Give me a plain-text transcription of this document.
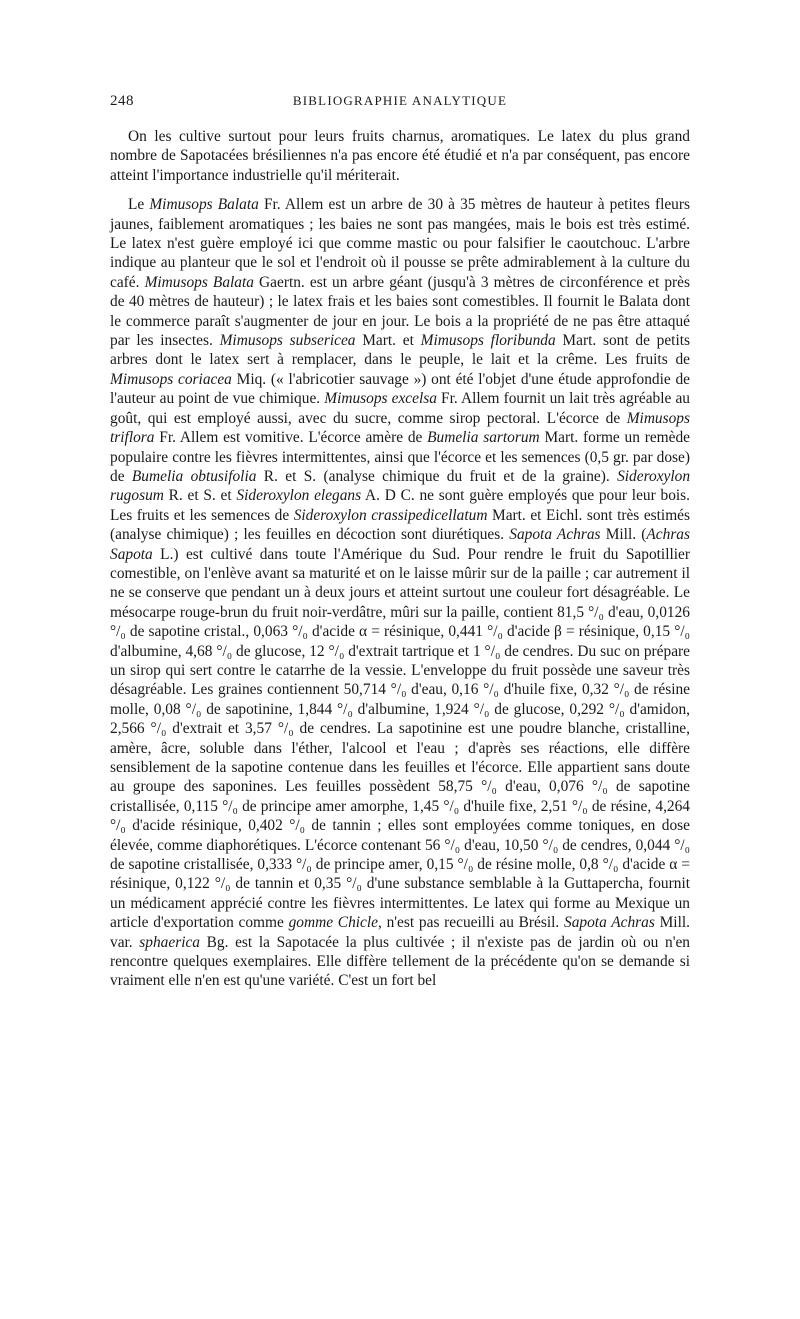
248	BIBLIOGRAPHIE ANALYTIQUE

On les cultive surtout pour leurs fruits charnus, aromatiques. Le latex du plus grand nombre de Sapotacées brésiliennes n'a pas encore été étudié et n'a par conséquent, pas encore atteint l'importance industrielle qu'il mériterait.

Le Mimusops Balata Fr. Allem est un arbre de 30 à 35 mètres de hauteur à petites fleurs jaunes, faiblement aromatiques ; les baies ne sont pas mangées, mais le bois est très estimé. Le latex n'est guère employé ici que comme mastic ou pour falsifier le caoutchouc. L'arbre indique au planteur que le sol et l'endroit où il pousse se prête admirablement à la culture du café. Mimusops Balata Gaertn. est un arbre géant (jusqu'à 3 mètres de circonférence et près de 40 mètres de hauteur) ; le latex frais et les baies sont comestibles. Il fournit le Balata dont le commerce paraît s'augmenter de jour en jour. Le bois a la propriété de ne pas être attaqué par les insectes. Mimusops subsericea Mart. et Mimusops floribunda Mart. sont de petits arbres dont le latex sert à remplacer, dans le peuple, le lait et la crême. Les fruits de Mimusops coriacea Miq. (« l'abricotier sauvage ») ont été l'objet d'une étude approfondie de l'auteur au point de vue chimique. Mimusops excelsa Fr. Allem fournit un lait très agréable au goût, qui est employé aussi, avec du sucre, comme sirop pectoral. L'écorce de Mimusops triflora Fr. Allem est vomitive. L'écorce amère de Bumelia sartorum Mart. forme un remède populaire contre les fièvres intermittentes, ainsi que l'écorce et les semences (0,5 gr. par dose) de Bumelia obtusifolia R. et S. (analyse chimique du fruit et de la graine). Sideroxylon rugosum R. et S. et Sideroxylon elegans A. D C. ne sont guère employés que pour leur bois. Les fruits et les semences de Sideroxylon crassipedicellatum Mart. et Eichl. sont très estimés (analyse chimique) ; les feuilles en décoction sont diurétiques. Sapota Achras Mill. (Achras Sapota L.) est cultivé dans toute l'Amérique du Sud. Pour rendre le fruit du Sapotillier comestible, on l'enlève avant sa maturité et on le laisse mûrir sur de la paille ; car autrement il ne se conserve que pendant un à deux jours et atteint surtout une couleur fort désagréable. Le mésocarpe rouge-brun du fruit noir-verdâtre, mûri sur la paille, contient 81,5 °/₀ d'eau, 0,0126 °/₀ de sapotine cristal., 0,063 °/₀ d'acide α = résinique, 0,441 °/₀ d'acide β = résinique, 0,15 °/₀ d'albumine, 4,68 °/₀ de glucose, 12 °/₀ d'extrait tartrique et 1 °/₀ de cendres. Du suc on prépare un sirop qui sert contre le catarrhe de la vessie. L'enveloppe du fruit possède une saveur très désagréable. Les graines contiennent 50,714 °/₀ d'eau, 0,16 °/₀ d'huile fixe, 0,32 °/₀ de résine molle, 0,08 °/₀ de sapotinine, 1,844 °/₀ d'albumine, 1,924 °/₀ de glucose, 0,292 °/₀ d'amidon, 2,566 °/₀ d'extrait et 3,57 °/₀ de cendres. La sapotinine est une poudre blanche, cristalline, amère, âcre, soluble dans l'éther, l'alcool et l'eau ; d'après ses réactions, elle diffère sensiblement de la sapotine contenue dans les feuilles et l'écorce. Elle appartient sans doute au groupe des saponines. Les feuilles possèdent 58,75 °/₀ d'eau, 0,076 °/₀ de sapotine cristallisée, 0,115 °/₀ de principe amer amorphe, 1,45 °/₀ d'huile fixe, 2,51 °/₀ de résine, 4,264 °/₀ d'acide résinique, 0,402 °/₀ de tannin ; elles sont employées comme toniques, en dose élevée, comme diaphorétiques. L'écorce contenant 56 °/₀ d'eau, 10,50 °/₀ de cendres, 0,044 °/₀ de sapotine cristallisée, 0,333 °/₀ de principe amer, 0,15 °/₀ de résine molle, 0,8 °/₀ d'acide α = résinique, 0,122 °/₀ de tannin et 0,35 °/₀ d'une substance semblable à la Guttapercha, fournit un médicament apprécié contre les fièvres intermittentes. Le latex qui forme au Mexique un article d'exportation comme gomme Chicle, n'est pas recueilli au Brésil. Sapota Achras Mill. var. sphaerica Bg. est la Sapotacée la plus cultivée ; il n'existe pas de jardin où ou n'en rencontre quelques exemplaires. Elle diffère tellement de la précédente qu'on se demande si vraiment elle n'en est qu'une variété. C'est un fort bel
